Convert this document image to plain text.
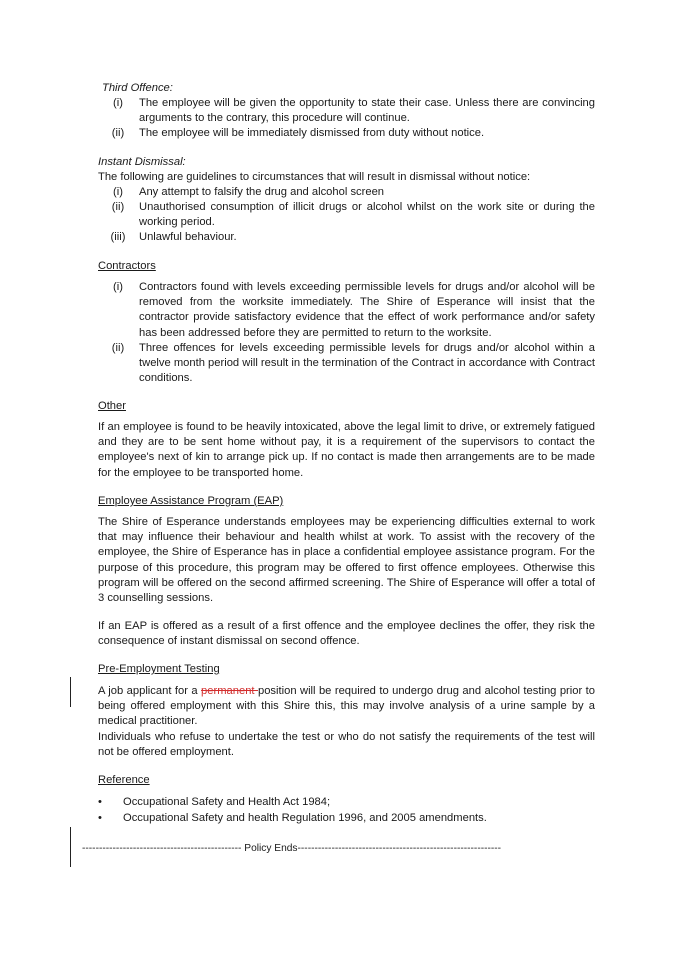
Third Offence:
(i)	The employee will be given the opportunity to state their case. Unless there are convincing arguments to the contrary, this procedure will continue.
(ii)	The employee will be immediately dismissed from duty without notice.
Instant Dismissal:
The following are guidelines to circumstances that will result in dismissal without notice:
(i)	Any attempt to falsify the drug and alcohol screen
(ii)	Unauthorised consumption of illicit drugs or alcohol whilst on the work site or during the working period.
(iii)	Unlawful behaviour.
Contractors
(i)	Contractors found with levels exceeding permissible levels for drugs and/or alcohol will be removed from the worksite immediately. The Shire of Esperance will insist that the contractor provide satisfactory evidence that the effect of work performance and/or safety has been addressed before they are permitted to return to the worksite.
(ii)	Three offences for levels exceeding permissible levels for drugs and/or alcohol within a twelve month period will result in the termination of the Contract in accordance with Contract conditions.
Other
If an employee is found to be heavily intoxicated, above the legal limit to drive, or extremely fatigued and they are to be sent home without pay, it is a requirement of the supervisors to contact the employee's next of kin to arrange pick up. If no contact is made then arrangements are to be made for the employee to be transported home.
Employee Assistance Program (EAP)
The Shire of Esperance understands employees may be experiencing difficulties external to work that may influence their behaviour and health whilst at work. To assist with the recovery of the employee, the Shire of Esperance has in place a confidential employee assistance program. For the purpose of this procedure, this program may be offered to first offence employees. Otherwise this program will be offered on the second affirmed screening. The Shire of Esperance will offer a total of 3 counselling sessions.
If an EAP is offered as a result of a first offence and the employee declines the offer, they risk the consequence of instant dismissal on second offence.
Pre-Employment Testing
A job applicant for a permanent position will be required to undergo drug and alcohol testing prior to being offered employment with this Shire this, this may involve analysis of a urine sample by a medical practitioner.
Individuals who refuse to undertake the test or who do not satisfy the requirements of the test will not be offered employment.
Reference
• Occupational Safety and Health Act 1984;
• Occupational Safety and health Regulation 1996, and 2005 amendments.
----------------------------------------------- Policy Ends------------------------------------------------------------
